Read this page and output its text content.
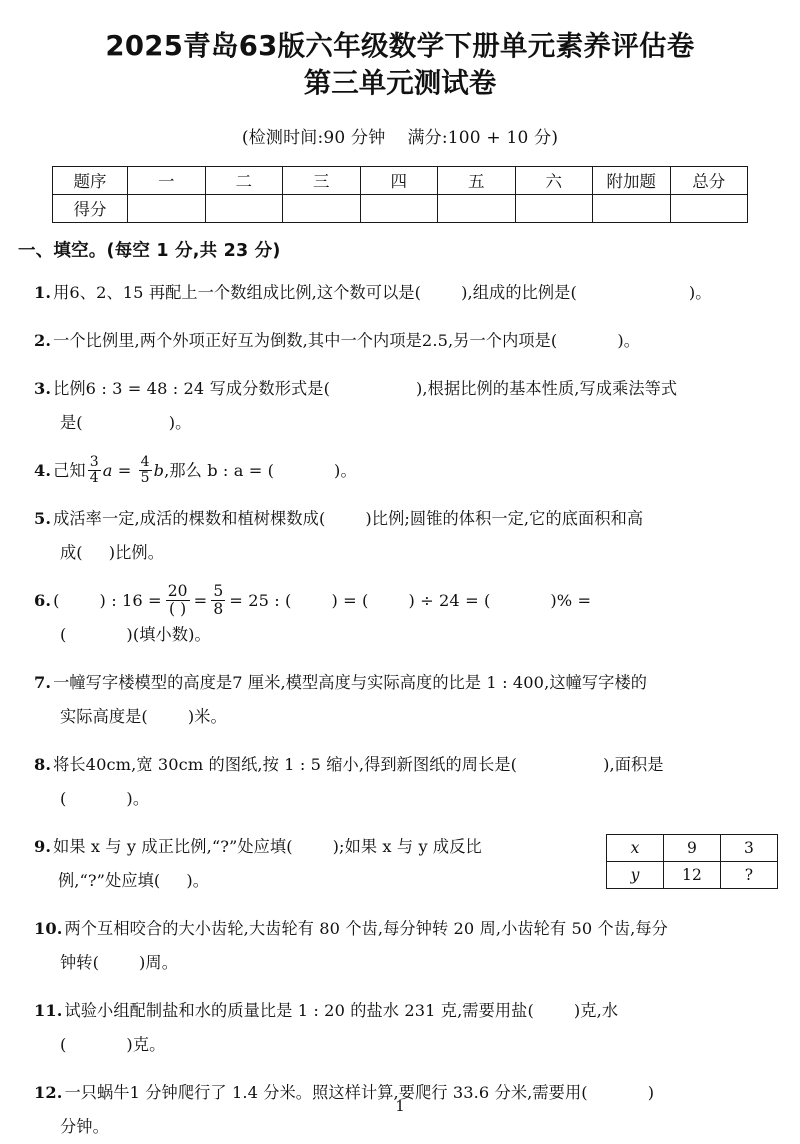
2025青岛63版六年级数学下册单元素养评估卷
第三单元测试卷
(检测时间:90 分钟 满分:100 + 10 分)
题序	一	二	三	四	五	六	附加题	总分
得分								
一、填空。(每空 1 分,共 23 分)
1. 用6、2、15 再配上一个数组成比例,这个数可以是( ),组成的比例是(	)。
2. 一个比例里,两个外项正好互为倒数,其中一个内项是2.5,另一个内项是(	)。
3. 比例6 : 3 = 48 : 24 写成分数形式是(	),根据比例的基本性质,写成乘法等式
是(	)。
4. 己知 $\frac{3}{4}$ $a = \frac{4}{5} b$,那么 b : a = (	)。
5. 成活率一定,成活的棵数和植树棵数成( )比例;圆锥的体积一定,它的底面积和高
成( )比例。
6. ( ) : $16 = \frac{20}{( )} = \frac{5}{8} = 25$ : ( ) = ( ) ÷ 24 = (	)% =
(	)(填小数)。
7. 一幢写字楼模型的高度是7 厘米,模型高度与实际高度的比是 1 : 400,这幢写字楼的
实际高度是( )米。
8. 将长40cm,宽 30cm 的图纸,按 1 : 5 缩小,得到新图纸的周长是(	),面积是
(	)。
9. 如果 x 与 y 成正比例,“?”处应填( );如果 x 与 y 成反比
例,“?”处应填( )。
x	9	3
y	12	?
10. 两个互相咬合的大小齿轮,大齿轮有 80 个齿,每分钟转 20 周,小齿轮有 50 个齿,每分
钟转( )周。
11. 试验小组配制盐和水的质量比是 1 : 20 的盐水 231 克,需要用盐( )克,水
(	)克。
12. 一只蜗牛1 分钟爬行了 1.4 分米。照这样计算,要爬行 33.6 分米,需要用(	)
分钟。
1
